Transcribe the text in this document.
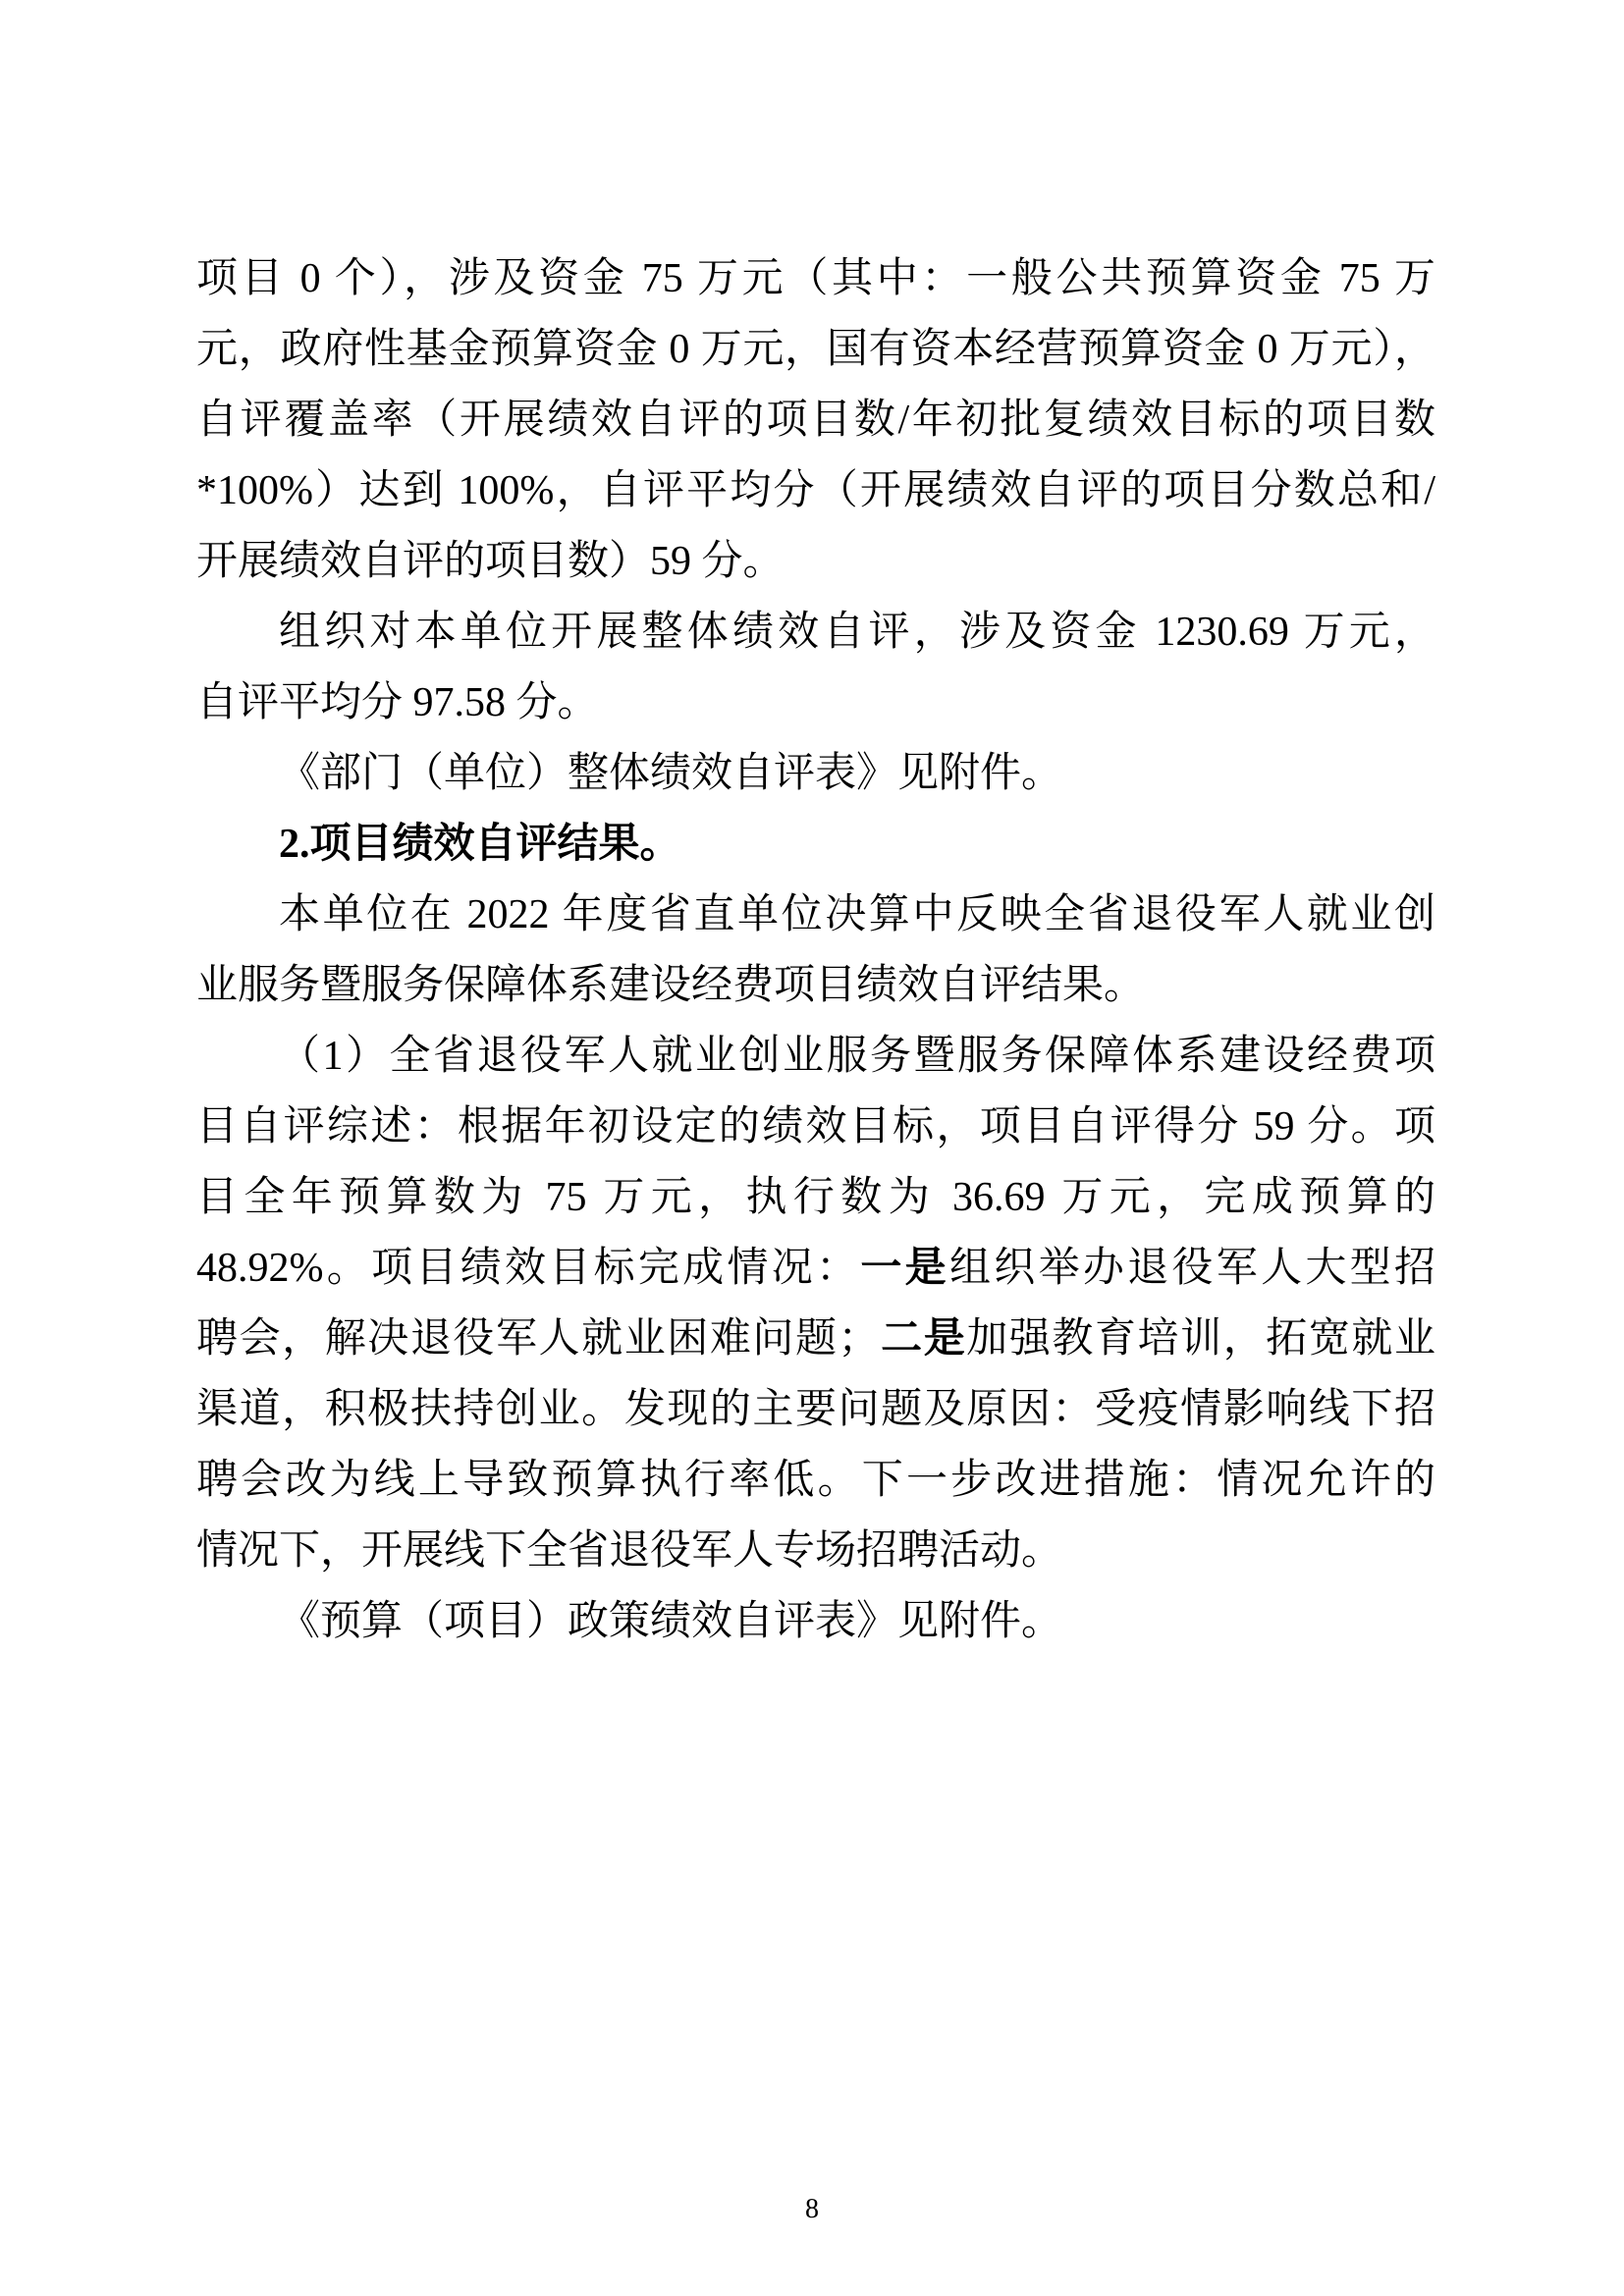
项目 0 个），涉及资金 75 万元（其中：一般公共预算资金 75 万
元，政府性基金预算资金 0 万元，国有资本经营预算资金 0 万元），
自评覆盖率（开展绩效自评的项目数/年初批复绩效目标的项目数
*100%）达到 100%，自评平均分（开展绩效自评的项目分数总和/
开展绩效自评的项目数）59 分。
组织对本单位开展整体绩效自评，涉及资金 1230.69 万元，
自评平均分 97.58 分。
《部门（单位）整体绩效自评表》见附件。
2.项目绩效自评结果。
本单位在 2022 年度省直单位决算中反映全省退役军人就业创
业服务暨服务保障体系建设经费项目绩效自评结果。
（1）全省退役军人就业创业服务暨服务保障体系建设经费项
目自评综述：根据年初设定的绩效目标，项目自评得分 59 分。项
目全年预算数为 75 万元，执行数为 36.69 万元，完成预算的
48.92%。项目绩效目标完成情况：一是组织举办退役军人大型招
聘会，解决退役军人就业困难问题；二是加强教育培训，拓宽就业
渠道，积极扶持创业。发现的主要问题及原因：受疫情影响线下招
聘会改为线上导致预算执行率低。下一步改进措施：情况允许的
情况下，开展线下全省退役军人专场招聘活动。
《预算（项目）政策绩效自评表》见附件。
8
